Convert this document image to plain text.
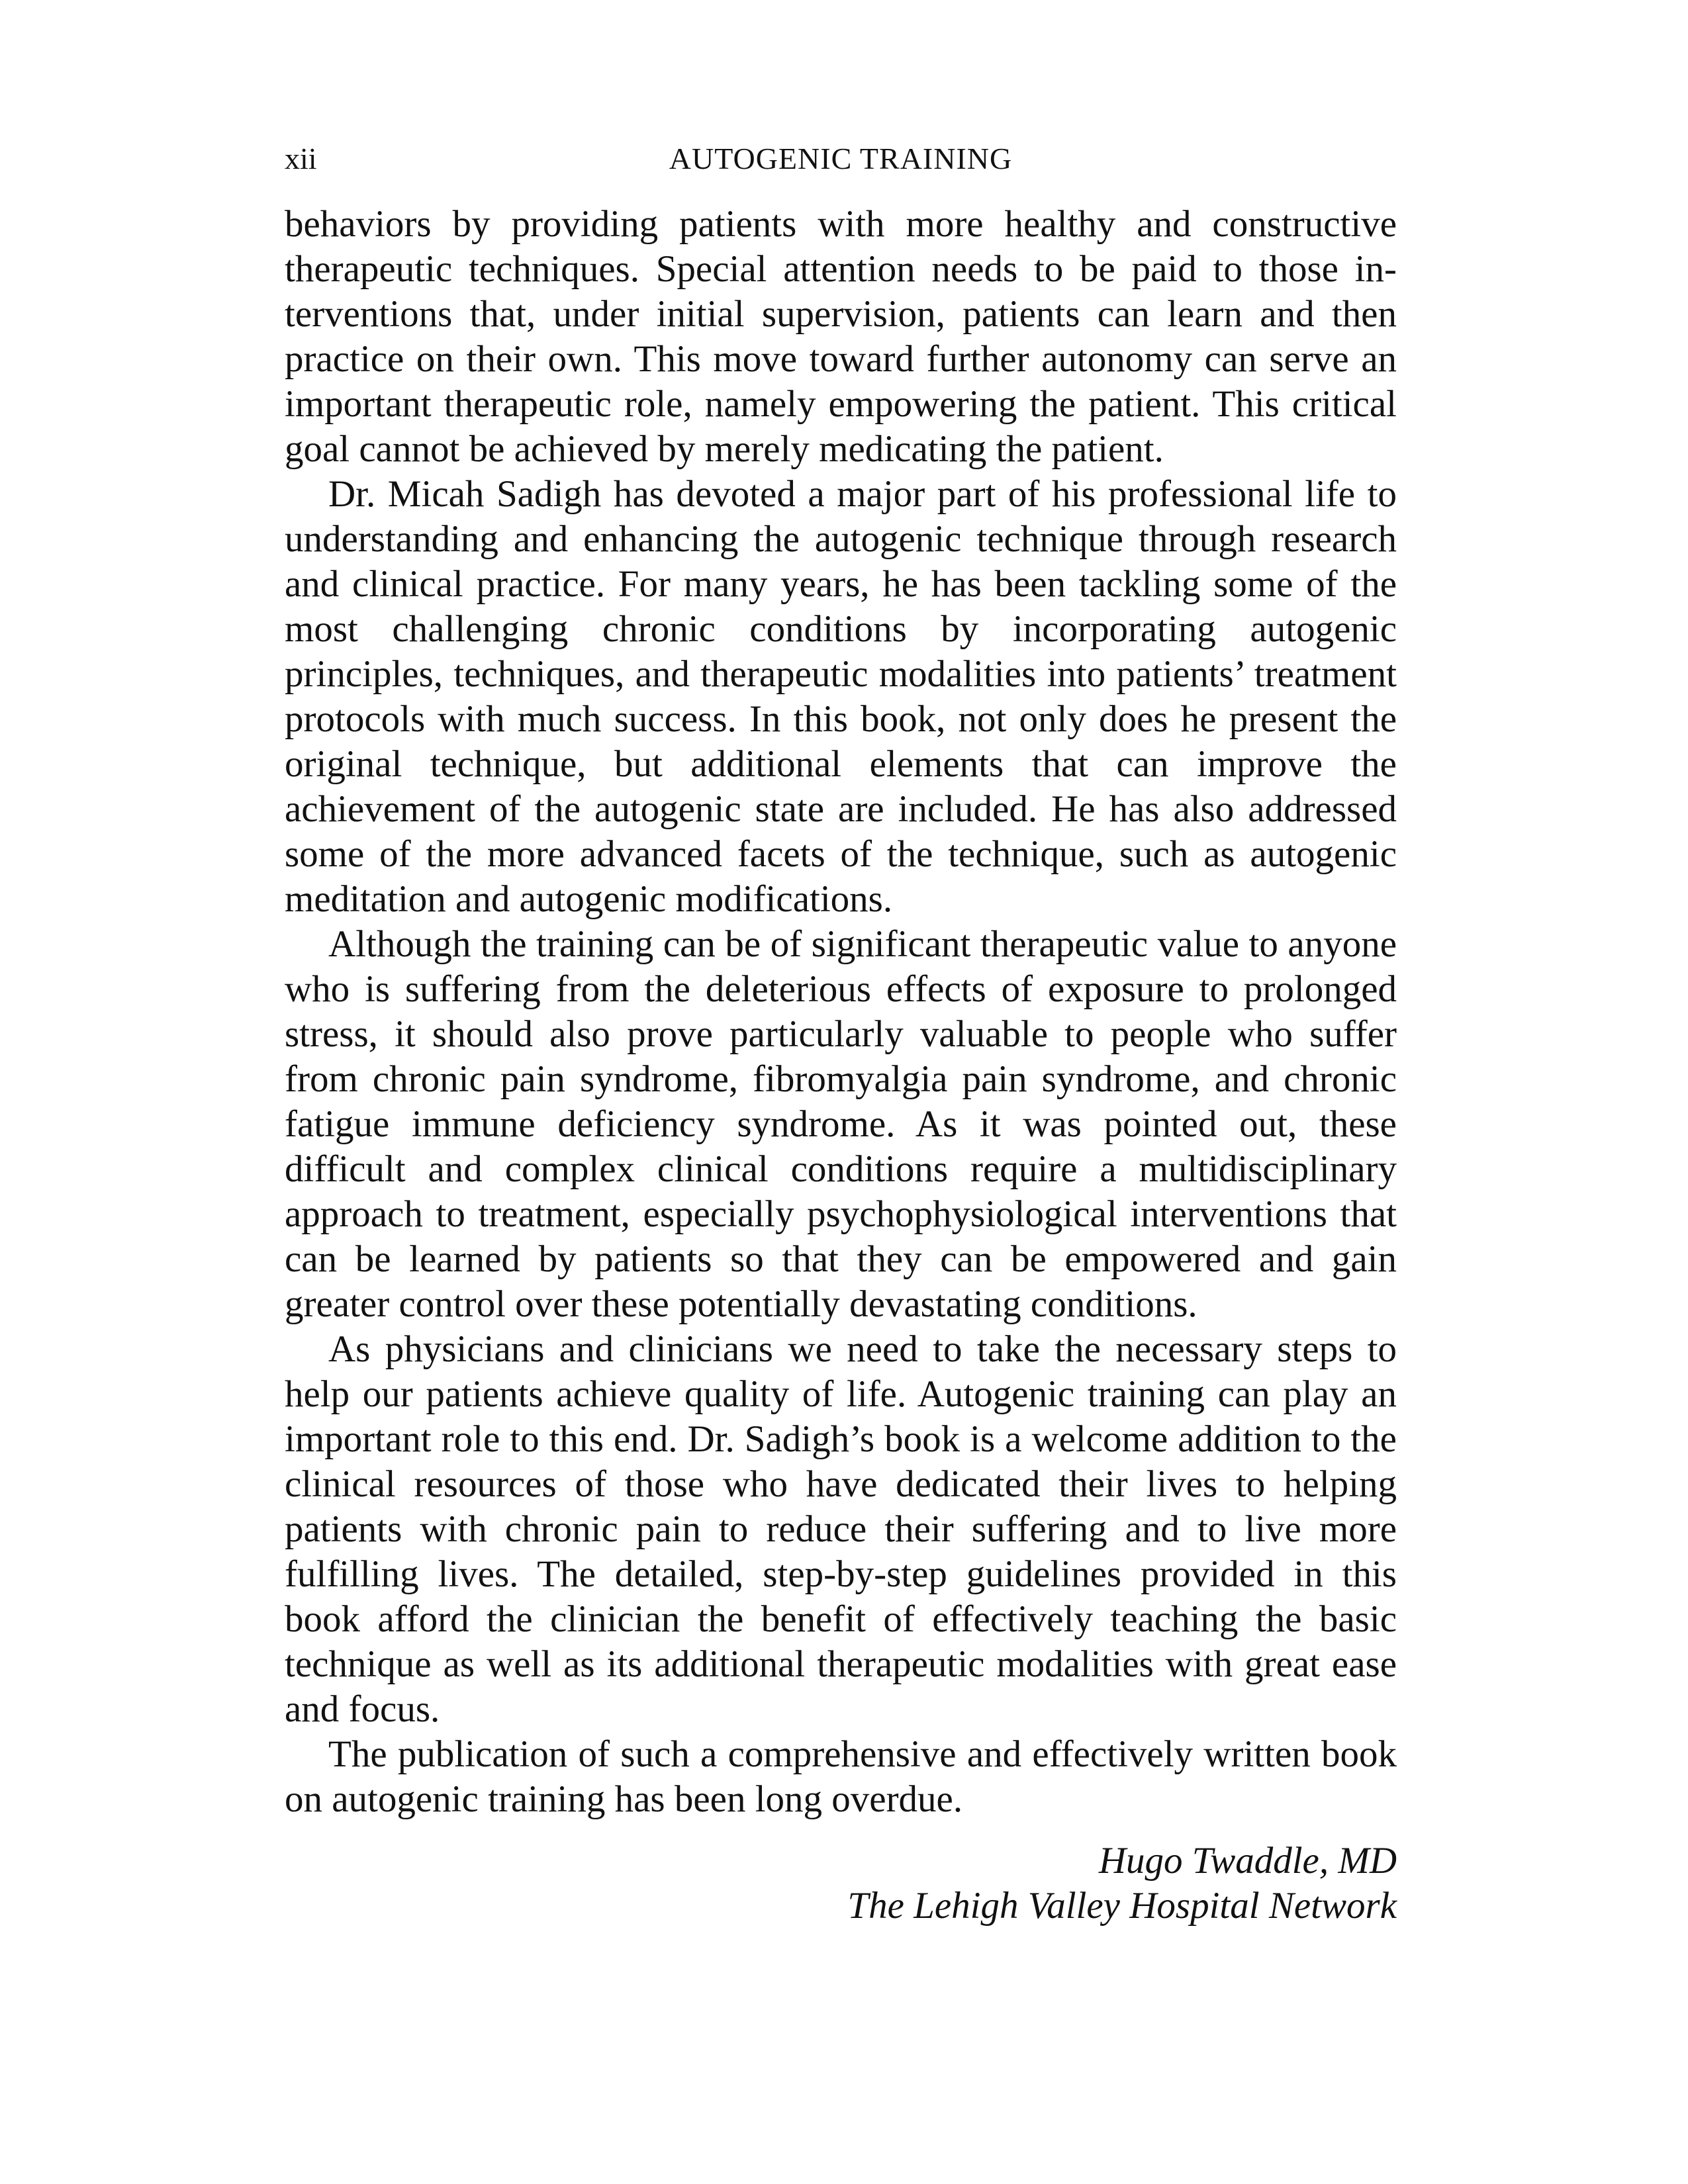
xii	AUTOGENIC TRAINING

behaviors by providing patients with more healthy and constructive therapeutic techniques. Special attention needs to be paid to those interventions that, under initial supervision, patients can learn and then practice on their own. This move toward further autonomy can serve an important therapeutic role, namely empowering the patient. This critical goal cannot be achieved by merely medicating the patient.

Dr. Micah Sadigh has devoted a major part of his professional life to understanding and enhancing the autogenic technique through research and clinical practice. For many years, he has been tackling some of the most challenging chronic conditions by incorporating autogenic principles, techniques, and therapeutic modalities into patients’ treatment protocols with much success. In this book, not only does he present the original technique, but additional elements that can improve the achievement of the autogenic state are included. He has also addressed some of the more advanced facets of the technique, such as autogenic meditation and autogenic modifications.

Although the training can be of significant therapeutic value to anyone who is suffering from the deleterious effects of exposure to prolonged stress, it should also prove particularly valuable to people who suffer from chronic pain syndrome, fibromyalgia pain syndrome, and chronic fatigue immune deficiency syndrome. As it was pointed out, these difficult and complex clinical conditions require a multidisciplinary approach to treatment, especially psychophysiological interventions that can be learned by patients so that they can be empowered and gain greater control over these potentially devastating conditions.

As physicians and clinicians we need to take the necessary steps to help our patients achieve quality of life. Autogenic training can play an important role to this end. Dr. Sadigh’s book is a welcome addition to the clinical resources of those who have dedicated their lives to helping patients with chronic pain to reduce their suffering and to live more fulfilling lives. The detailed, step-by-step guidelines provided in this book afford the clinician the benefit of effectively teaching the basic technique as well as its additional therapeutic modalities with great ease and focus.

The publication of such a comprehensive and effectively written book on autogenic training has been long overdue.

Hugo Twaddle, MD
The Lehigh Valley Hospital Network
